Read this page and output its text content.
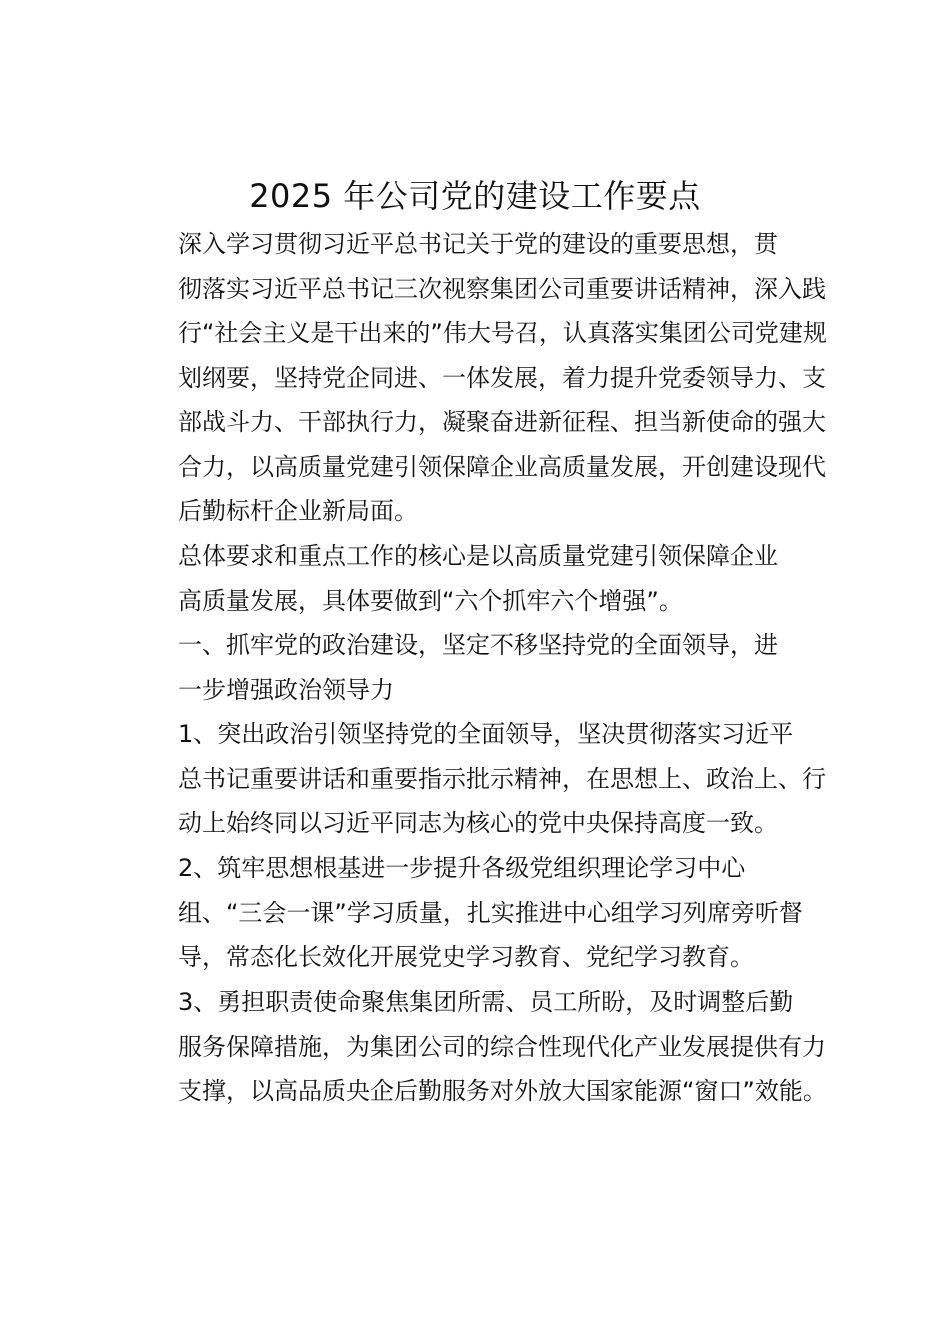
2025 年公司党的建设工作要点

深入学习贯彻习近平总书记关于党的建设的重要思想，贯
彻落实习近平总书记三次视察集团公司重要讲话精神，深入践
行“社会主义是干出来的”伟大号召，认真落实集团公司党建规
划纲要，坚持党企同进、一体发展，着力提升党委领导力、支
部战斗力、干部执行力，凝聚奋进新征程、担当新使命的强大
合力，以高质量党建引领保障企业高质量发展，开创建设现代
后勤标杆企业新局面。

总体要求和重点工作的核心是以高质量党建引领保障企业
高质量发展，具体要做到“六个抓牢六个增强”。

一、抓牢党的政治建设，坚定不移坚持党的全面领导，进
一步增强政治领导力

1、突出政治引领坚持党的全面领导，坚决贯彻落实习近平
总书记重要讲话和重要指示批示精神，在思想上、政治上、行
动上始终同以习近平同志为核心的党中央保持高度一致。

2、筑牢思想根基进一步提升各级党组织理论学习中心
组、“三会一课”学习质量，扎实推进中心组学习列席旁听督
导，常态化长效化开展党史学习教育、党纪学习教育。

3、勇担职责使命聚焦集团所需、员工所盼，及时调整后勤
服务保障措施，为集团公司的综合性现代化产业发展提供有力
支撑，以高品质央企后勤服务对外放大国家能源“窗口”效能。
